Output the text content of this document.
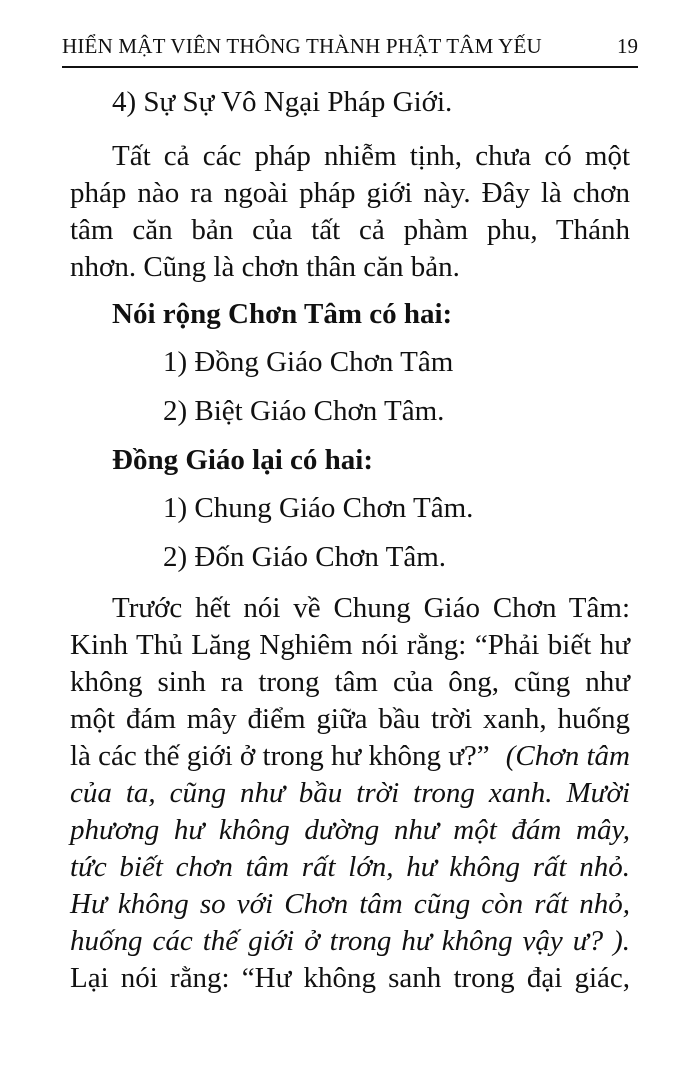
HIỂN MẬT VIÊN THÔNG THÀNH PHẬT TÂM YẾU	19
4) Sự Sự Vô Ngại Pháp Giới.
Tất cả các pháp nhiễm tịnh, chưa có một
pháp nào ra ngoài pháp giới này. Đây là chơn
tâm căn bản của tất cả phàm phu, Thánh
nhơn. Cũng là chơn thân căn bản.
Nói rộng Chơn Tâm có hai:
1) Đồng Giáo Chơn Tâm
2) Biệt Giáo Chơn Tâm.
Đồng Giáo lại có hai:
1) Chung Giáo Chơn Tâm.
2) Đốn Giáo Chơn Tâm.
Trước hết nói về Chung Giáo Chơn Tâm:
Kinh Thủ Lăng Nghiêm nói rằng: “Phải biết hư
không sinh ra trong tâm của ông, cũng như
một đám mây điểm giữa bầu trời xanh, huống
là các thế giới ở trong hư không ư?” (Chơn tâm
của ta, cũng như bầu trời trong xanh. Mười
phương hư không dường như một đám mây,
tức biết chơn tâm rất lớn, hư không rất nhỏ.
Hư không so với Chơn tâm cũng còn rất nhỏ,
huống các thế giới ở trong hư không vậy ư? ).
Lại nói rằng: “Hư không sanh trong đại giác,
